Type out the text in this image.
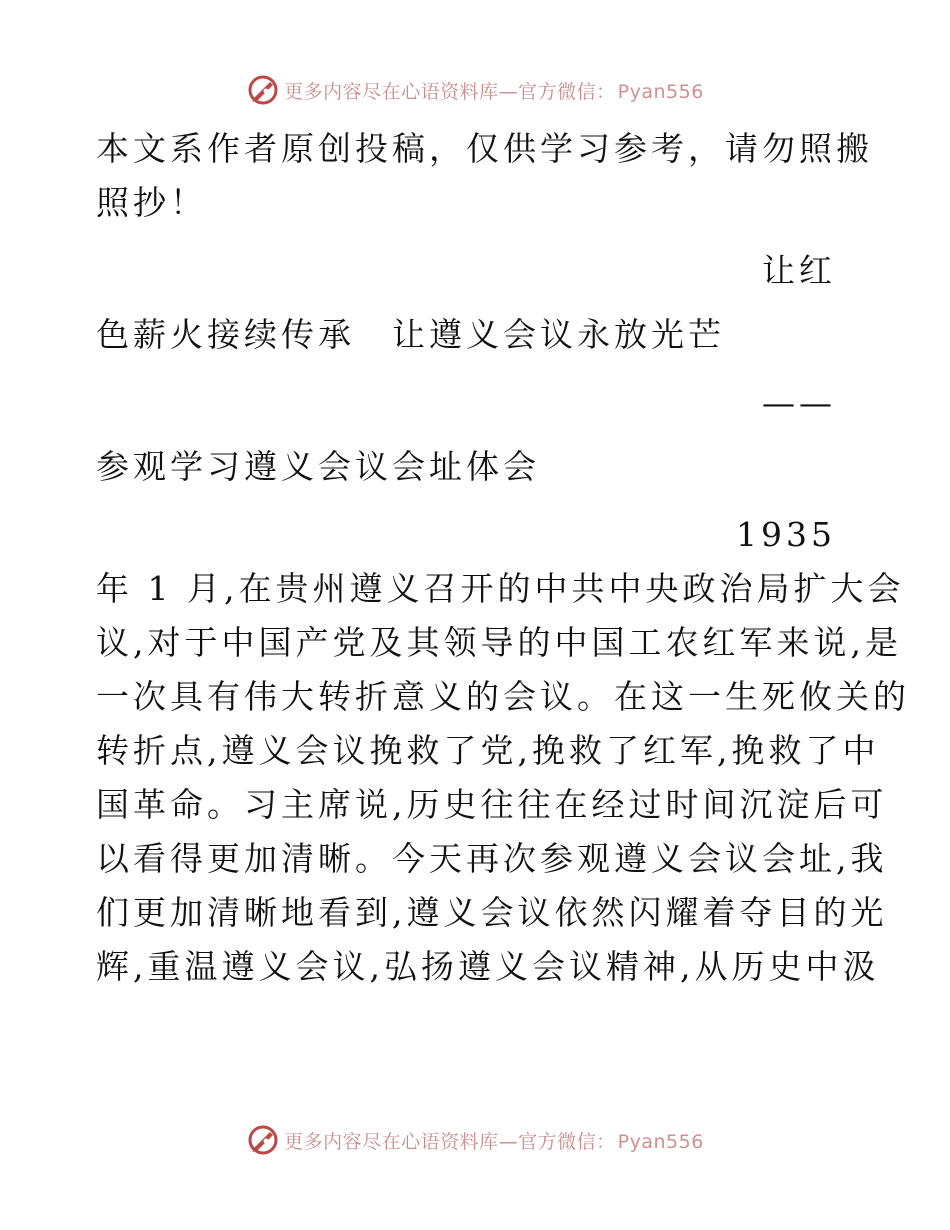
更多内容尽在心语资料库—官方微信： Pyan556
本文系作者原创投稿，仅供学习参考，请勿照搬
照抄！
让红
色薪火接续传承　让遵义会议永放光芒
——
参观学习遵义会议会址体会
1935
年 1 月,在贵州遵义召开的中共中央政治局扩大会
议,对于中国产党及其领导的中国工农红军来说,是
一次具有伟大转折意义的会议。在这一生死攸关的
转折点,遵义会议挽救了党,挽救了红军,挽救了中
国革命。习主席说,历史往往在经过时间沉淀后可
以看得更加清晰。今天再次参观遵义会议会址,我
们更加清晰地看到,遵义会议依然闪耀着夺目的光
辉,重温遵义会议,弘扬遵义会议精神,从历史中汲
更多内容尽在心语资料库—官方微信： Pyan556
